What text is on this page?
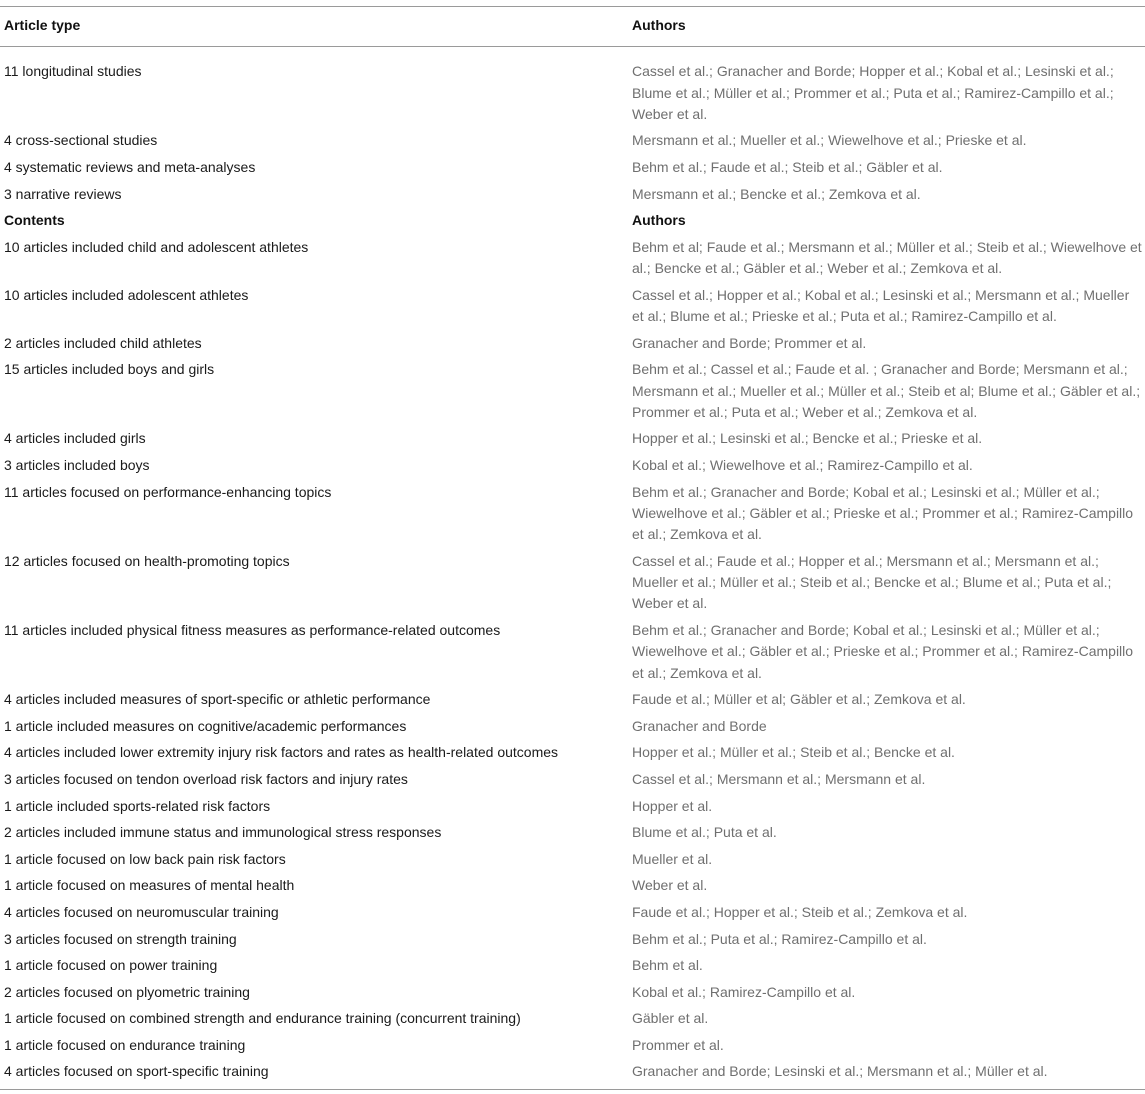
Article type	Authors
11 longitudinal studies	Cassel et al.; Granacher and Borde; Hopper et al.; Kobal et al.; Lesinski et al.; Blume et al.; Müller et al.; Prommer et al.; Puta et al.; Ramirez-Campillo et al.; Weber et al.
4 cross-sectional studies	Mersmann et al.; Mueller et al.; Wiewelhove et al.; Prieske et al.
4 systematic reviews and meta-analyses	Behm et al.; Faude et al.; Steib et al.; Gäbler et al.
3 narrative reviews	Mersmann et al.; Bencke et al.; Zemkova et al.
Contents	Authors
10 articles included child and adolescent athletes	Behm et al; Faude et al.; Mersmann et al.; Müller et al.; Steib et al.; Wiewelhove et al.; Bencke et al.; Gäbler et al.; Weber et al.; Zemkova et al.
10 articles included adolescent athletes	Cassel et al.; Hopper et al.; Kobal et al.; Lesinski et al.; Mersmann et al.; Mueller et al.; Blume et al.; Prieske et al.; Puta et al.; Ramirez-Campillo et al.
2 articles included child athletes	Granacher and Borde; Prommer et al.
15 articles included boys and girls	Behm et al.; Cassel et al.; Faude et al. ; Granacher and Borde; Mersmann et al.; Mersmann et al.; Mueller et al.; Müller et al.; Steib et al; Blume et al.; Gäbler et al.; Prommer et al.; Puta et al.; Weber et al.; Zemkova et al.
4 articles included girls	Hopper et al.; Lesinski et al.; Bencke et al.; Prieske et al.
3 articles included boys	Kobal et al.; Wiewelhove et al.; Ramirez-Campillo et al.
11 articles focused on performance-enhancing topics	Behm et al.; Granacher and Borde; Kobal et al.; Lesinski et al.; Müller et al.; Wiewelhove et al.; Gäbler et al.; Prieske et al.; Prommer et al.; Ramirez-Campillo et al.; Zemkova et al.
12 articles focused on health-promoting topics	Cassel et al.; Faude et al.; Hopper et al.; Mersmann et al.; Mersmann et al.; Mueller et al.; Müller et al.; Steib et al.; Bencke et al.; Blume et al.; Puta et al.; Weber et al.
11 articles included physical fitness measures as performance-related outcomes	Behm et al.; Granacher and Borde; Kobal et al.; Lesinski et al.; Müller et al.; Wiewelhove et al.; Gäbler et al.; Prieske et al.; Prommer et al.; Ramirez-Campillo et al.; Zemkova et al.
4 articles included measures of sport-specific or athletic performance	Faude et al.; Müller et al; Gäbler et al.; Zemkova et al.
1 article included measures on cognitive/academic performances	Granacher and Borde
4 articles included lower extremity injury risk factors and rates as health-related outcomes	Hopper et al.; Müller et al.; Steib et al.; Bencke et al.
3 articles focused on tendon overload risk factors and injury rates	Cassel et al.; Mersmann et al.; Mersmann et al.
1 article included sports-related risk factors	Hopper et al.
2 articles included immune status and immunological stress responses	Blume et al.; Puta et al.
1 article focused on low back pain risk factors	Mueller et al.
1 article focused on measures of mental health	Weber et al.
4 articles focused on neuromuscular training	Faude et al.; Hopper et al.; Steib et al.; Zemkova et al.
3 articles focused on strength training	Behm et al.; Puta et al.; Ramirez-Campillo et al.
1 article focused on power training	Behm et al.
2 articles focused on plyometric training	Kobal et al.; Ramirez-Campillo et al.
1 article focused on combined strength and endurance training (concurrent training)	Gäbler et al.
1 article focused on endurance training	Prommer et al.
4 articles focused on sport-specific training	Granacher and Borde; Lesinski et al.; Mersmann et al.; Müller et al.
